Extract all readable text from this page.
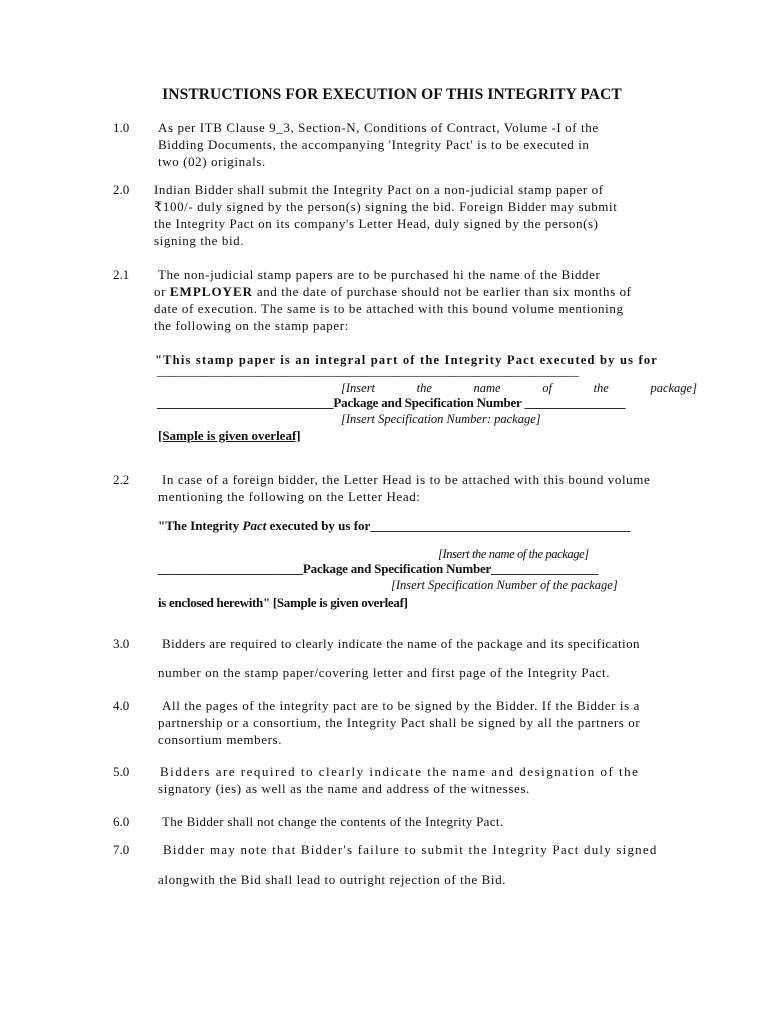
INSTRUCTIONS FOR EXECUTION OF THIS INTEGRITY PACT
1.0	As per ITB Clause 9_3, Section-N, Conditions of Contract, Volume -I of the
Bidding Documents, the accompanying 'Integrity Pact' is to be executed in
two (02) originals.
2.0	Indian Bidder shall submit the Integrity Pact on a non-judicial stamp paper of
₹100/- duly signed by the person(s) signing the bid. Foreign Bidder may submit
the Integrity Pact on its company's Letter Head, duly signed by the person(s)
signing the bid.
2.1	The non-judicial stamp papers are to be purchased hi the name of the Bidder
or EMPLOYER and the date of purchase should not be earlier than six months of
date of execution. The same is to be attached with this bound volume mentioning
the following on the stamp paper:
"This stamp paper is an integral part of the Integrity Pact executed by us for
____________________________________________________________________
[Insert	the	name	of	the	package]
____________________________Package and Specification Number ________________
[Insert Specification Number: package]
[Sample is given overleaf]
2.2	In case of a foreign bidder, the Letter Head is to be attached with this bound volume
mentioning the following on the Letter Head:
"The Integrity Pact executed by us for________________________________________
[Insert the name of the package]
_______________________Package and Specification Number_________________
[Insert Specification Number of the package]
is enclosed herewith" [Sample is given overleaf]
3.0	Bidders are required to clearly indicate the name of the package and its specification
number on the stamp paper/covering letter and first page of the Integrity Pact.
4.0	All the pages of the integrity pact are to be signed by the Bidder. If the Bidder is a
partnership or a consortium, the Integrity Pact shall be signed by all the partners or
consortium members.
5.0	Bidders are required to clearly indicate the name and designation of the
signatory (ies) as well as the name and address of the witnesses.
6.0	The Bidder shall not change the contents of the Integrity Pact.
7.0	Bidder may note that Bidder's failure to submit the Integrity Pact duly signed
alongwith the Bid shall lead to outright rejection of the Bid.
